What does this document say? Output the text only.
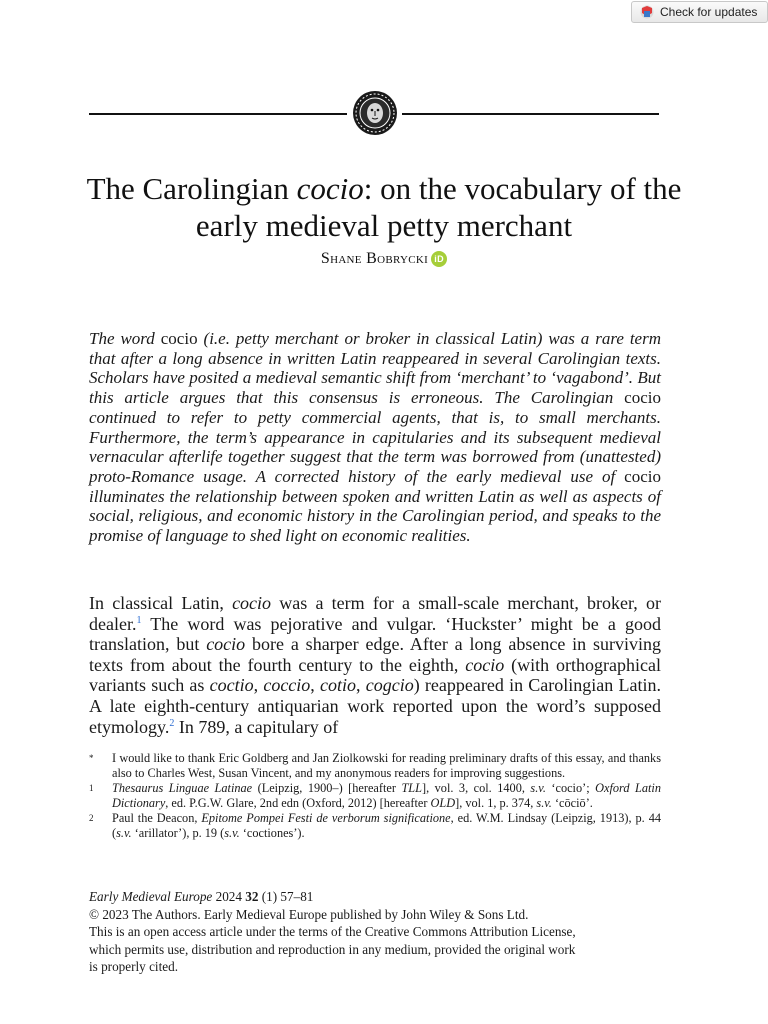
Check for updates
The Carolingian cocio: on the vocabulary of the early medieval petty merchant
Shane Bobrycki iD
The word cocio (i.e. petty merchant or broker in classical Latin) was a rare term that after a long absence in written Latin reappeared in several Carolingian texts. Scholars have posited a medieval semantic shift from ‘merchant’ to ‘vagabond’. But this article argues that this consensus is erroneous. The Carolingian cocio continued to refer to petty commercial agents, that is, to small merchants. Furthermore, the term’s appearance in capitularies and its subsequent medieval vernacular afterlife together suggest that the term was borrowed from (unattested) proto-Romance usage. A corrected history of the early medieval use of cocio illuminates the relationship between spoken and written Latin as well as aspects of social, religious, and economic history in the Carolingian period, and speaks to the promise of language to shed light on economic realities.
In classical Latin, cocio was a term for a small-scale merchant, broker, or dealer.$^1$ The word was pejorative and vulgar. ‘Huckster’ might be a good translation, but cocio bore a sharper edge. After a long absence in surviving texts from about the fourth century to the eighth, cocio (with orthographical variants such as coctio, coccio, cotio, cogcio) reappeared in Carolingian Latin. A late eighth-century antiquarian work reported upon the word’s supposed etymology.$^2$ In 789, a capitulary of
*	I would like to thank Eric Goldberg and Jan Ziolkowski for reading preliminary drafts of this essay, and thanks also to Charles West, Susan Vincent, and my anonymous readers for improving suggestions.
1	Thesaurus Linguae Latinae (Leipzig, 1900–) [hereafter TLL], vol. 3, col. 1400, s.v. ‘cocio’; Oxford Latin Dictionary, ed. P.G.W. Glare, 2nd edn (Oxford, 2012) [hereafter OLD], vol. 1, p. 374, s.v. ‘cōciō’.
2	Paul the Deacon, Epitome Pompei Festi de verborum significatione, ed. W.M. Lindsay (Leipzig, 1913), p. 44 (s.v. ‘arillator’), p. 19 (s.v. ‘coctiones’).
Early Medieval Europe 2024 32 (1) 57–81
© 2023 The Authors. Early Medieval Europe published by John Wiley & Sons Ltd.
This is an open access article under the terms of the Creative Commons Attribution License,
which permits use, distribution and reproduction in any medium, provided the original work
is properly cited.
